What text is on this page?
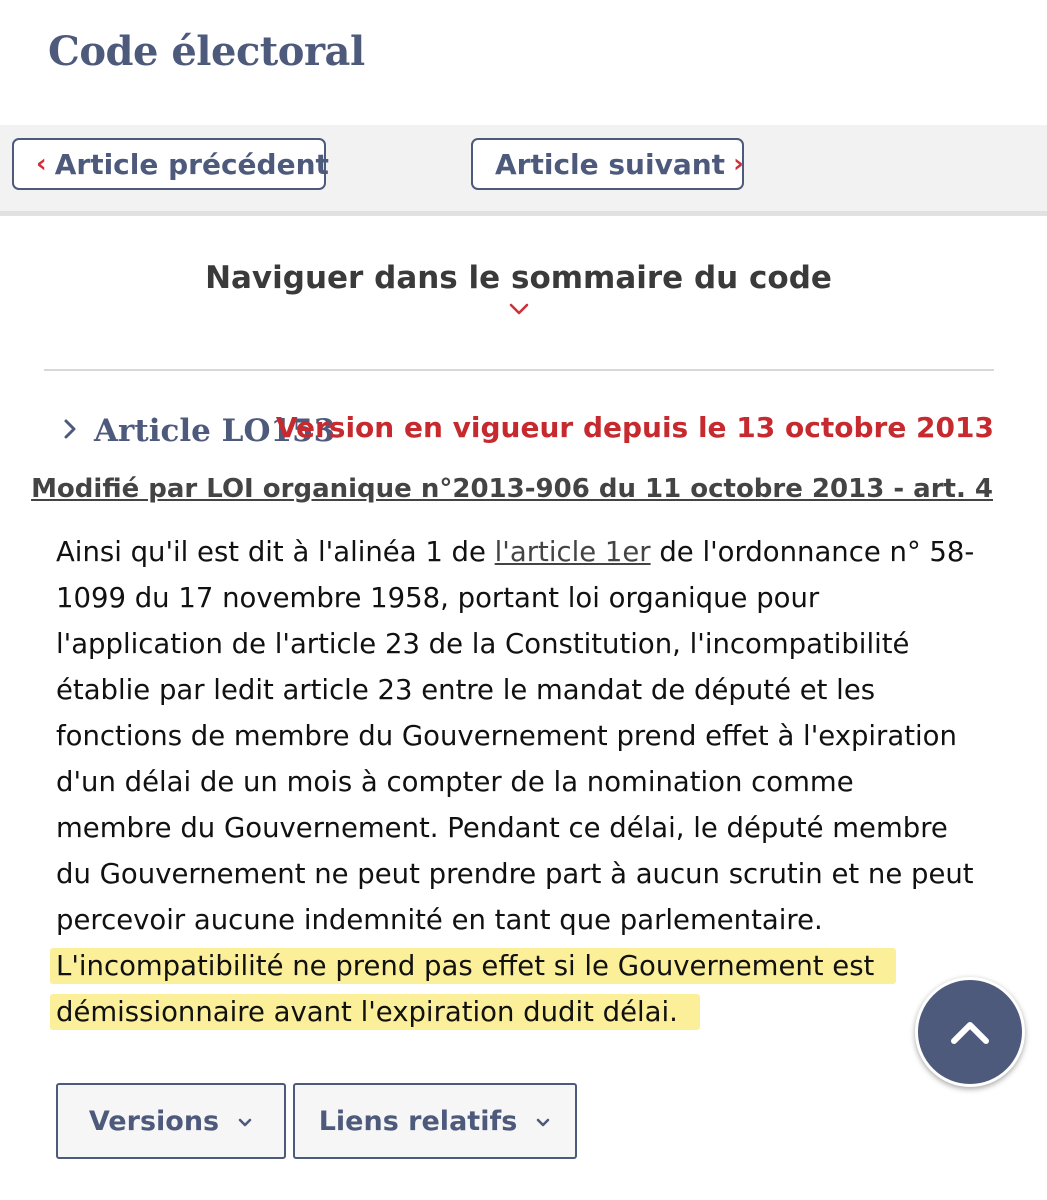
Code électoral
‹ Article précédent	Article suivant ›
Naviguer dans le sommaire du code
Article LO153
Version en vigueur depuis le 13 octobre 2013
Modifié par LOI organique n°2013-906 du 11 octobre 2013 - art. 4
Ainsi qu'il est dit à l'alinéa 1 de l'article 1er de l'ordonnance n° 58-
1099 du 17 novembre 1958, portant loi organique pour
l'application de l'article 23 de la Constitution, l'incompatibilité
établie par ledit article 23 entre le mandat de député et les
fonctions de membre du Gouvernement prend effet à l'expiration
d'un délai de un mois à compter de la nomination comme
membre du Gouvernement. Pendant ce délai, le député membre
du Gouvernement ne peut prendre part à aucun scrutin et ne peut
percevoir aucune indemnité en tant que parlementaire.
L'incompatibilité ne prend pas effet si le Gouvernement est
démissionnaire avant l'expiration dudit délai.
Versions	Liens relatifs
